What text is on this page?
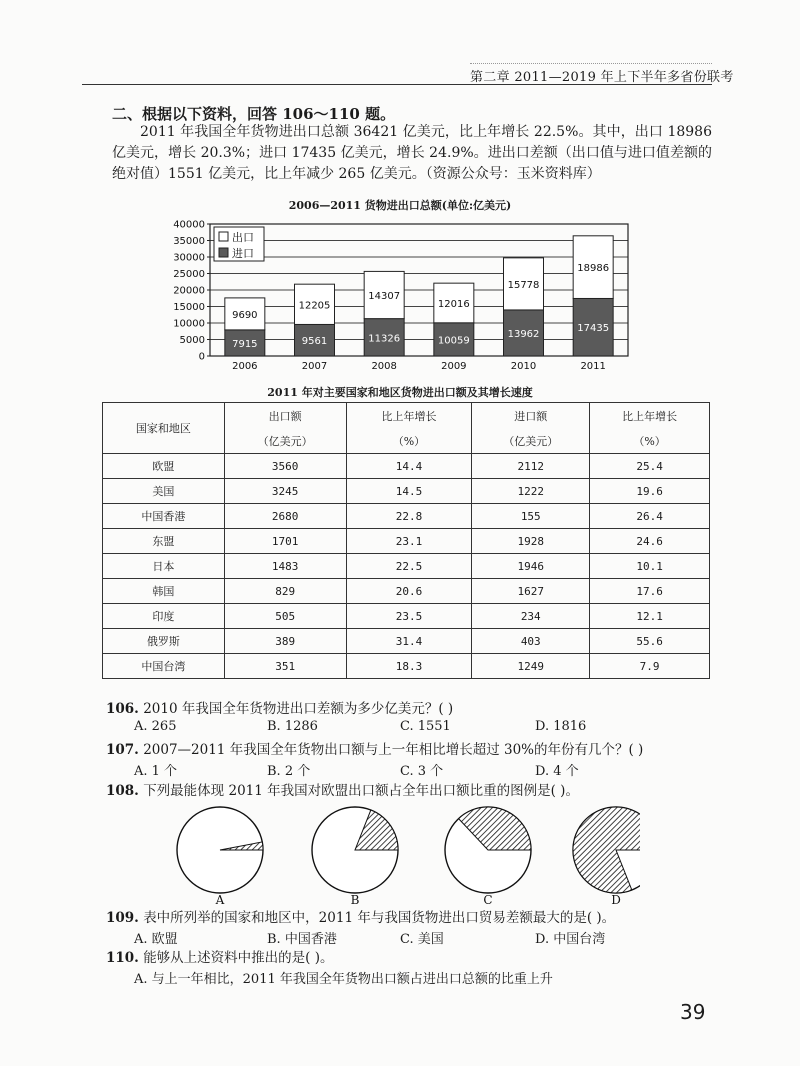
第二章 2011—2019 年上下半年多省份联考
二、根据以下资料，回答 106～110 题。
2011 年我国全年货物进出口总额 36421 亿美元，比上年增长 22.5%。其中，出口 18986 亿美元，增长 20.3%；进口 17435 亿美元，增长 24.9%。进出口差额（出口值与进口值差额的绝对值）1551 亿美元，比上年减少 265 亿美元。（资源公众号：玉米资料库）
2006—2011 货物进出口总额(单位:亿美元)
0
5000
10000
15000
20000
25000
30000
35000
40000
7915
9690
2006
9561
12205
2007
11326
14307
2008
10059
12016
2009
13962
15778
2010
17435
18986
2011
出口
进口
2011 年对主要国家和地区货物进出口额及其增长速度
国家和地区	出口额	比上年增长	进口额	比上年增长
	（亿美元）	（%）	（亿美元）	（%）
欧盟	3560	14.4	2112	25.4
美国	3245	14.5	1222	19.6
中国香港	2680	22.8	155	26.4
东盟	1701	23.1	1928	24.6
日本	1483	22.5	1946	10.1
韩国	829	20.6	1627	17.6
印度	505	23.5	234	12.1
俄罗斯	389	31.4	403	55.6
中国台湾	351	18.3	1249	7.9
106. 2010 年我国全年货物进出口差额为多少亿美元？( )
A. 265	B. 1286	C. 1551	D. 1816
107. 2007—2011 年我国全年货物出口额与上一年相比增长超过 30%的年份有几个？( )
A. 1 个	B. 2 个	C. 3 个	D. 4 个
108. 下列最能体现 2011 年我国对欧盟出口额占全年出口额比重的图例是( )。
A	B	C	D
109. 表中所列举的国家和地区中，2011 年与我国货物进出口贸易差额最大的是( )。
A. 欧盟	B. 中国香港	C. 美国	D. 中国台湾
110. 能够从上述资料中推出的是( )。
A. 与上一年相比，2011 年我国全年货物出口额占进出口总额的比重上升
39
